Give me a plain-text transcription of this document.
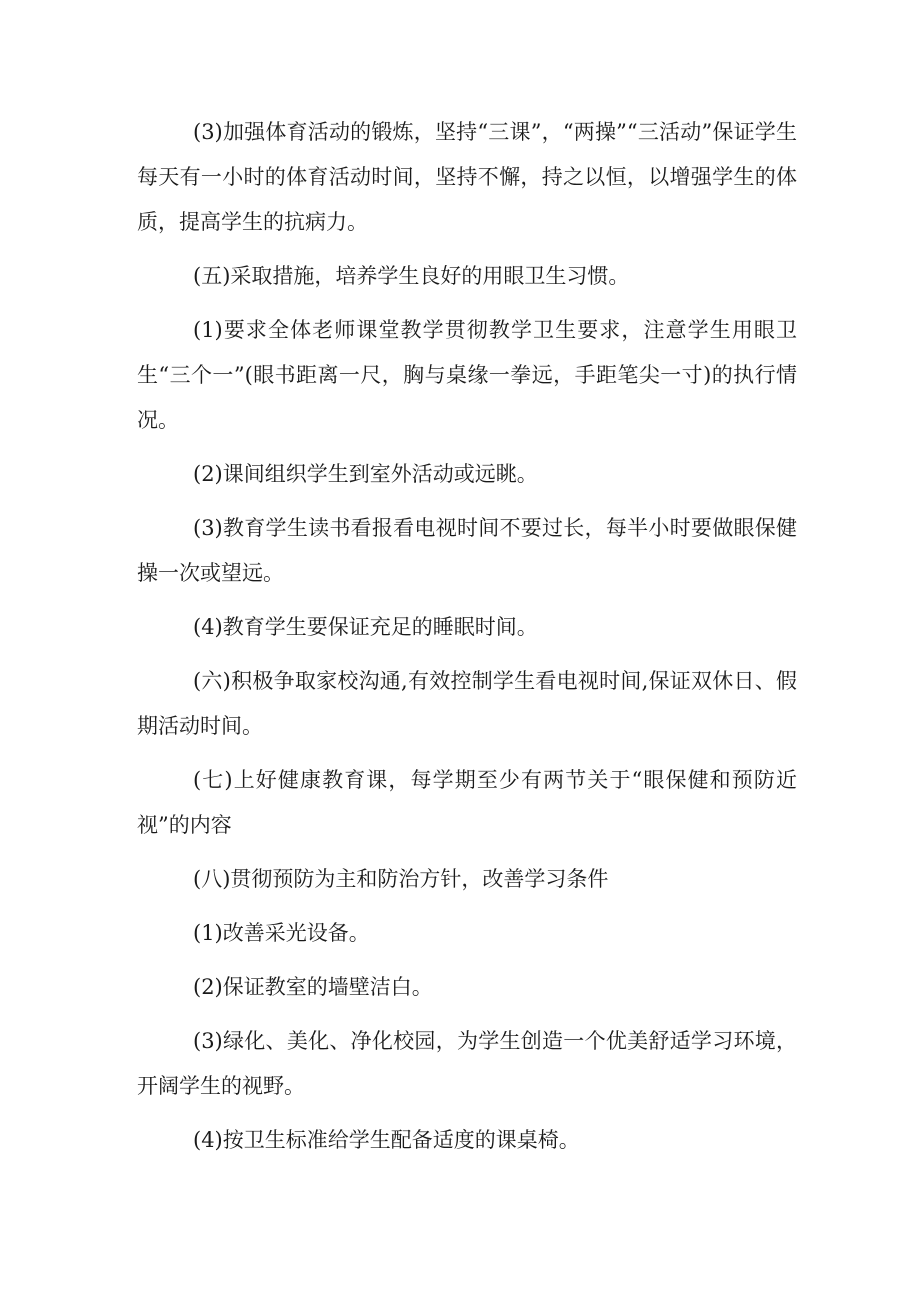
(3)加强体育活动的锻炼，坚持“三课”，“两操”“三活动”保证学生每天有一小时的体育活动时间，坚持不懈，持之以恒，以增强学生的体质，提高学生的抗病力。

(五)采取措施，培养学生良好的用眼卫生习惯。

(1)要求全体老师课堂教学贯彻教学卫生要求，注意学生用眼卫生“三个一”(眼书距离一尺，胸与桌缘一拳远，手距笔尖一寸)的执行情况。

(2)课间组织学生到室外活动或远眺。

(3)教育学生读书看报看电视时间不要过长，每半小时要做眼保健操一次或望远。

(4)教育学生要保证充足的睡眠时间。

(六)积极争取家校沟通,有效控制学生看电视时间,保证双休日、假期活动时间。

(七)上好健康教育课，每学期至少有两节关于“眼保健和预防近视”的内容

(八)贯彻预防为主和防治方针，改善学习条件

(1)改善采光设备。

(2)保证教室的墙壁洁白。

(3)绿化、美化、净化校园，为学生创造一个优美舒适学习环境，开阔学生的视野。

(4)按卫生标准给学生配备适度的课桌椅。
